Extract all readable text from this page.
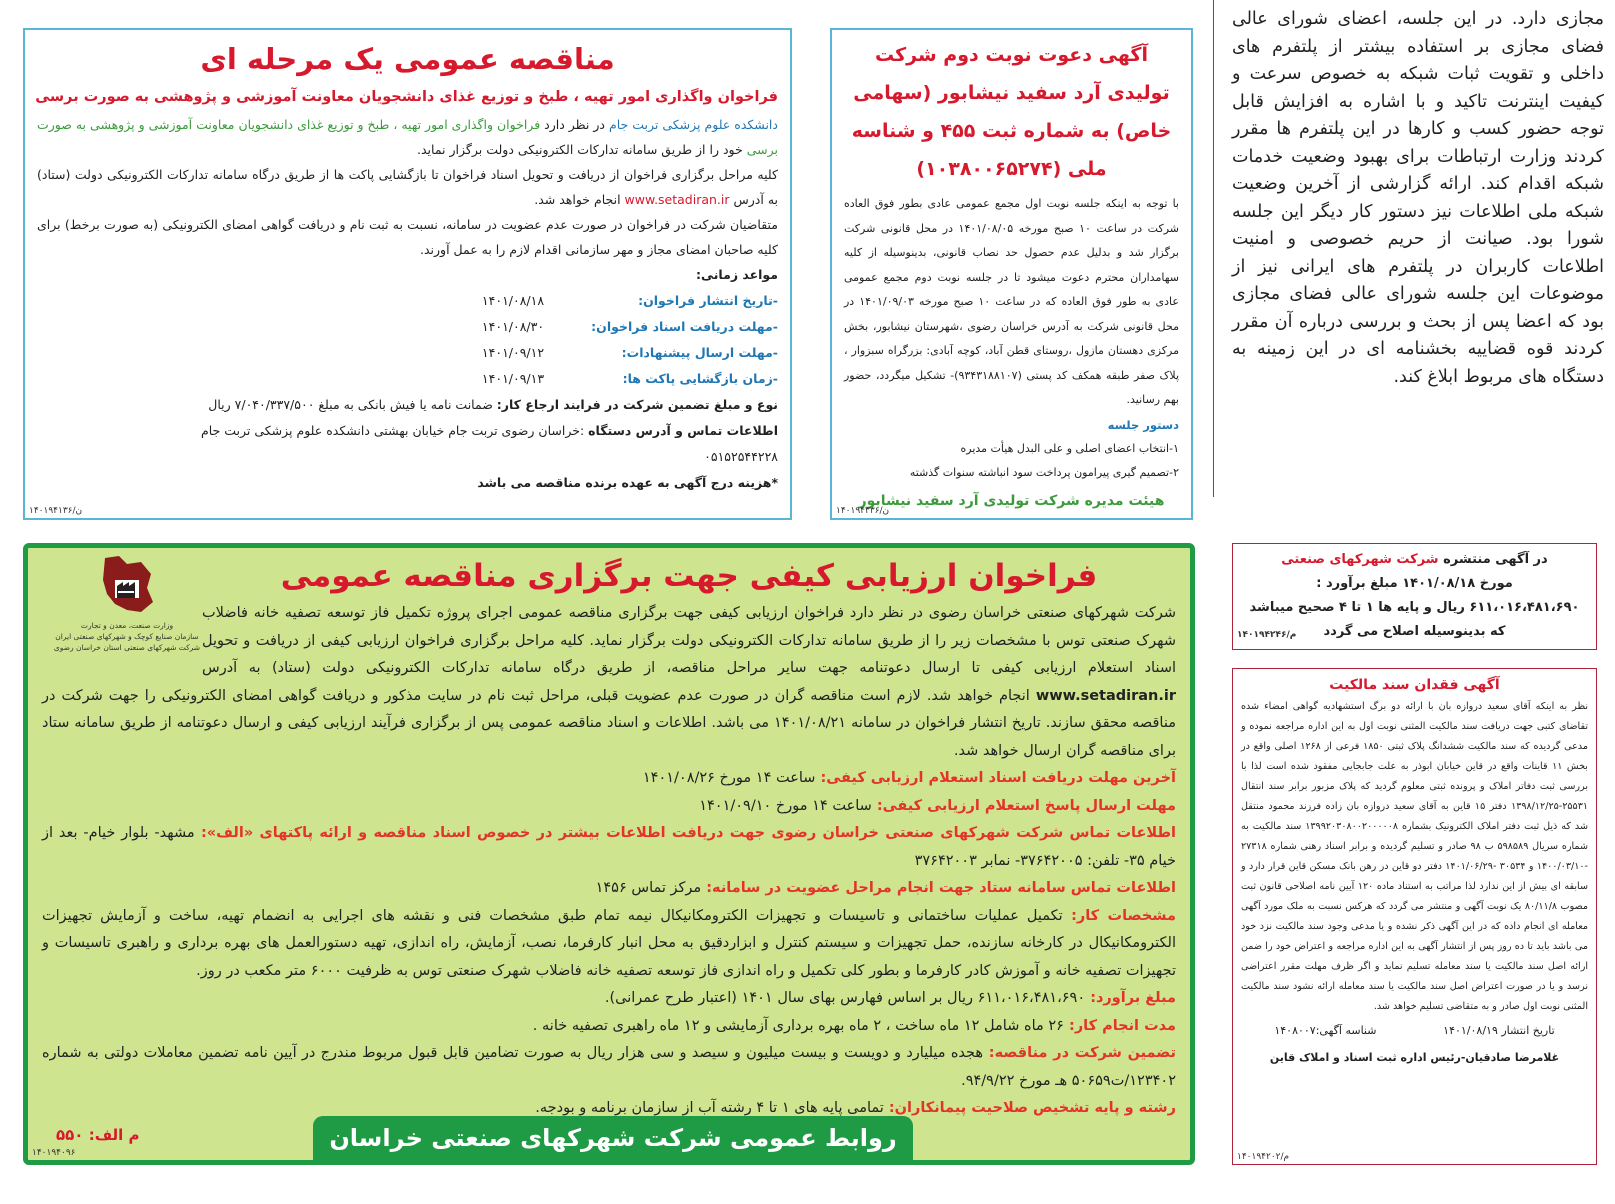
مناقصه عمومی یک مرحله ای
فراخوان واگذاری امور تهیه ، طبخ و توزیع غذای دانشجویان معاونت آموزشی و پژوهشی به صورت برسی

دانشکده علوم پزشکی تربت جام در نظر دارد فراخوان واگذاری امور تهیه ، طبخ و توزیع غذای دانشجویان معاونت آموزشی و پژوهشی به صورت برسی خود را از طریق سامانه تدارکات الکترونیکی دولت برگزار نماید.

کلیه مراحل برگزاری فراخوان از دریافت و تحویل اسناد فراخوان تا بازگشایی پاکت ها از طریق درگاه سامانه تدارکات الکترونیکی دولت (ستاد) به آدرس www.setadiran.ir انجام خواهد شد.

متقاضیان شرکت در فراخوان در صورت عدم عضویت در سامانه، نسبت به ثبت نام و دریافت گواهی امضای الکترونیکی (به صورت برخط) برای کلیه صاحبان امضای مجاز و مهر سازمانی اقدام لازم را به عمل آورند.

مواعد زمانی:
-تاریخ انتشار فراخوان:
۱۴۰۱/۰۸/۱۸
-مهلت دریافت اسناد فراخوان:
۱۴۰۱/۰۸/۳۰
-مهلت ارسال پیشنهادات:
۱۴۰۱/۰۹/۱۲
-زمان بازگشایی پاکت ها:
۱۴۰۱/۰۹/۱۳
نوع و مبلغ تضمین شرکت در فرایند ارجاع کار: ضمانت نامه یا فیش بانکی به مبلغ ۷/۰۴۰/۳۳۷/۵۰۰ ریال
اطلاعات تماس و آدرس دستگاه :خراسان رضوی تربت جام خیابان بهشتی دانشکده علوم پزشکی تربت جام
۰۵۱۵۲۵۴۴۲۲۸
*هزینه درج آگهی به عهده برنده مناقصه می باشد
۱۴۰۱۹۴۱۳۶/ن
آگهی دعوت نوبت دوم شرکت تولیدی آرد سفید نیشابور (سهامی خاص) به شماره ثبت ۴۵۵ و شناسه ملی (۱۰۳۸۰۰۶۵۲۷۴)

با توجه به اینکه جلسه نوبت اول مجمع عمومی عادی بطور فوق العاده شرکت در ساعت ۱۰ صبح مورخه ۱۴۰۱/۰۸/۰۵ در محل قانونی شرکت برگزار شد و بدلیل عدم حصول حد نصاب قانونی، بدینوسیله از کلیه سهامداران محترم دعوت میشود تا در جلسه نوبت دوم مجمع عمومی عادی به طور فوق العاده که در ساعت ۱۰ صبح مورخه ۱۴۰۱/۰۹/۰۳ در محل قانونی شرکت به آدرس خراسان رضوی ،شهرستان نیشابور، بخش مرکزی دهستان مازول ،روستای قطن آباد، کوچه آبادی: بزرگراه سبزوار ، پلاک صفر طبقه همکف کد پستی (۹۳۴۳۱۸۸۱۰۷)- تشکیل میگردد، حضور بهم رسانید.

دستور جلسه
۱-انتخاب اعضای اصلی و علی البدل هیأت مدیره
۲-تصمیم گیری پیرامون پرداخت سود انباشته سنوات گذشته
هیئت مدیره شرکت تولیدی آرد سفید نیشابور
۱۴۰۱۹۴۳۳۶/ن
مجازی دارد. در این جلسه، اعضای شورای عالی فضای مجازی بر استفاده بیشتر از پلتفرم های داخلی و تقویت ثبات شبکه به خصوص سرعت و کیفیت اینترنت تاکید و با اشاره به افزایش قابل توجه حضور کسب و کارها در این پلتفرم ها مقرر کردند وزارت ارتباطات برای بهبود وضعیت خدمات شبکه اقدام کند. ارائه گزارشی از آخرین وضعیت شبکه ملی اطلاعات نیز دستور کار دیگر این جلسه شورا بود. صیانت از حریم خصوصی و امنیت اطلاعات کاربران در پلتفرم های ایرانی نیز از موضوعات این جلسه شورای عالی فضای مجازی بود که اعضا پس از بحث و بررسی درباره آن مقرر کردند قوه قضاییه بخشنامه ای در این زمینه به دستگاه های مربوط ابلاغ کند.
وزارت صنعت، معدن و تجارت
سازمان صنایع کوچک و شهرکهای صنعتی ایران
شرکت شهرکهای صنعتی استان خراسان رضوی
فراخوان ارزیابی کیفی جهت برگزاری مناقصه عمومی
شرکت شهرکهای صنعتی خراسان رضوی در نظر دارد فراخوان ارزیابی کیفی جهت برگزاری مناقصه عمومی اجرای پروژه تکمیل فاز توسعه تصفیه خانه فاضلاب شهرک صنعتی توس با مشخصات زیر را از طریق سامانه تدارکات الکترونیکی دولت برگزار نماید. کلیه مراحل برگزاری فراخوان ارزیابی کیفی از دریافت و تحویل اسناد استعلام ارزیابی کیفی تا ارسال دعوتنامه جهت سایر مراحل مناقصه، از طریق درگاه سامانه تدارکات الکترونیکی دولت (ستاد) به آدرس www.setadiran.ir انجام خواهد شد. لازم است مناقصه گران در صورت عدم عضویت قبلی، مراحل ثبت نام در سایت مذکور و دریافت گواهی امضای الکترونیکی را جهت شرکت در مناقصه محقق سازند. تاریخ انتشار فراخوان در سامانه ۱۴۰۱/۰۸/۲۱ می باشد. اطلاعات و اسناد مناقصه عمومی پس از برگزاری فرآیند ارزیابی کیفی و ارسال دعوتنامه از طریق سامانه ستاد برای مناقصه گران ارسال خواهد شد.
آخرین مهلت دریافت اسناد استعلام ارزیابی کیفی: ساعت ۱۴ مورخ ۱۴۰۱/۰۸/۲۶
مهلت ارسال پاسخ استعلام ارزیابی کیفی: ساعت ۱۴ مورخ ۱۴۰۱/۰۹/۱۰
اطلاعات تماس شرکت شهرکهای صنعتی خراسان رضوی جهت دریافت اطلاعات بیشتر در خصوص اسناد مناقصه و ارائه پاکتهای «الف»: مشهد- بلوار خیام- بعد از خیام ۳۵- تلفن: ۳۷۶۴۲۰۰۵- نمابر ۳۷۶۴۲۰۰۳
اطلاعات تماس سامانه ستاد جهت انجام مراحل عضویت در سامانه: مرکز تماس ۱۴۵۶
مشخصات کار: تکمیل عملیات ساختمانی و تاسیسات و تجهیزات الکترومکانیکال نیمه تمام طبق مشخصات فنی و نقشه های اجرایی به انضمام تهیه، ساخت و آزمایش تجهیزات الکترومکانیکال در کارخانه سازنده، حمل تجهیزات و سیستم کنترل و ابزاردقیق به محل انبار کارفرما، نصب، آزمایش، راه اندازی، تهیه دستورالعمل های بهره برداری و راهبری تاسیسات و تجهیزات تصفیه خانه و آموزش کادر کارفرما و بطور کلی تکمیل و راه اندازی فاز توسعه تصفیه خانه فاضلاب شهرک صنعتی توس به ظرفیت ۶۰۰۰ متر مکعب در روز.
مبلغ برآورد: ۶۱۱،۰۱۶،۴۸۱،۶۹۰ ریال بر اساس فهارس بهای سال ۱۴۰۱ (اعتبار طرح عمرانی).
مدت انجام کار: ۲۶ ماه شامل ۱۲ ماه ساخت ، ۲ ماه بهره برداری آزمایشی و ۱۲ ماه راهبری تصفیه خانه .
تضمین شرکت در مناقصه: هجده میلیارد و دویست و بیست میلیون و سیصد و سی هزار ریال به صورت تضامین قابل قبول مربوط مندرج در آیین نامه تضمین معاملات دولتی به شماره ۱۲۳۴۰۲/ت۵۰۶۵۹ هـ مورخ ۹۴/۹/۲۲.
رشته و پایه تشخیص صلاحیت پیمانکاران: تمامی پایه های ۱ تا ۴ رشته آب از سازمان برنامه و بودجه.
روابط عمومی شرکت شهرکهای صنعتی خراسان رضوی
م الف: ۵۵۰
۱۴۰۱۹۴۰۹۶
در آگهی منتشره شرکت شهرکهای صنعتی
مورخ ۱۴۰۱/۰۸/۱۸ مبلغ برآورد :
۶۱۱،۰۱۶،۴۸۱،۶۹۰ ریال و پایه ها ۱ تا ۴ صحیح میباشد
که بدینوسیله اصلاح می گردد
۱۴۰۱۹۴۲۴۶/م
آگهی فقدان سند مالکیت

نظر به اینکه آقای سعید دروازه بان با ارائه دو برگ استشهادیه گواهی امضاء شده تقاضای کتبی جهت دریافت سند مالکیت المثنی نوبت اول به این اداره مراجعه نموده و مدعی گردیده که سند مالکیت ششدانگ پلاک ثبتی ۱۸۵۰ فرعی از ۱۲۶۸ اصلی واقع در بخش ۱۱ قاینات واقع در قاین خیابان ابوذر به علت جابجایی مفقود شده است لذا با بررسی ثبت دفاتر املاک و پرونده ثبتی معلوم گردید که پلاک مزبور برابر سند انتقال ۲۵۵۳۱-۱۳۹۸/۱۲/۲۵ دفتر ۱۵ قاین به آقای سعید دروازه بان زاده فرزند محمود منتقل شد که ذیل ثبت دفتر املاک الکترونیک بشماره ۱۳۹۹۲۰۳۰۸۰۰۲۰۰۰۰۰۸ سند مالکیت به شماره سریال ۵۹۸۵۸۹ ب ۹۸ صادر و تسلیم گردیده و برابر اسناد رهنی شماره ۲۷۳۱۸ -۱۴۰۰/۰۳/۱۰ و ۳۰۵۳۴ -۱۴۰۱/۰۶/۲۹ دفتر دو قاین در رهن بانک مسکن قاین قرار دارد و سابقه ای بیش از این ندارد لذا مراتب به استناد ماده ۱۲۰ آیین نامه اصلاحی قانون ثبت مصوب ۸۰/۱۱/۸ یک نوبت آگهی و منتشر می گردد که هرکس نسبت به ملک مورد آگهی معامله ای انجام داده که در این آگهی ذکر نشده و یا مدعی وجود سند مالکیت نزد خود می باشد باید تا ده روز پس از انتشار آگهی به این اداره مراجعه و اعتراض خود را ضمن ارائه اصل سند مالکیت یا سند معامله تسلیم نماید و اگر ظرف مهلت مقرر اعتراضی نرسد و یا در صورت اعتراض اصل سند مالکیت یا سند معامله ارائه نشود سند مالکیت المثنی نوبت اول صادر و به متقاضی تسلیم خواهد شد.

تاریخ انتشار ۱۴۰۱/۰۸/۱۹
شناسه آگهی:۱۴۰۸۰۰۷
غلامرضا صادقیان-رئیس اداره ثبت اسناد و املاک قاین
۱۴۰۱۹۴۲۰۲/م
